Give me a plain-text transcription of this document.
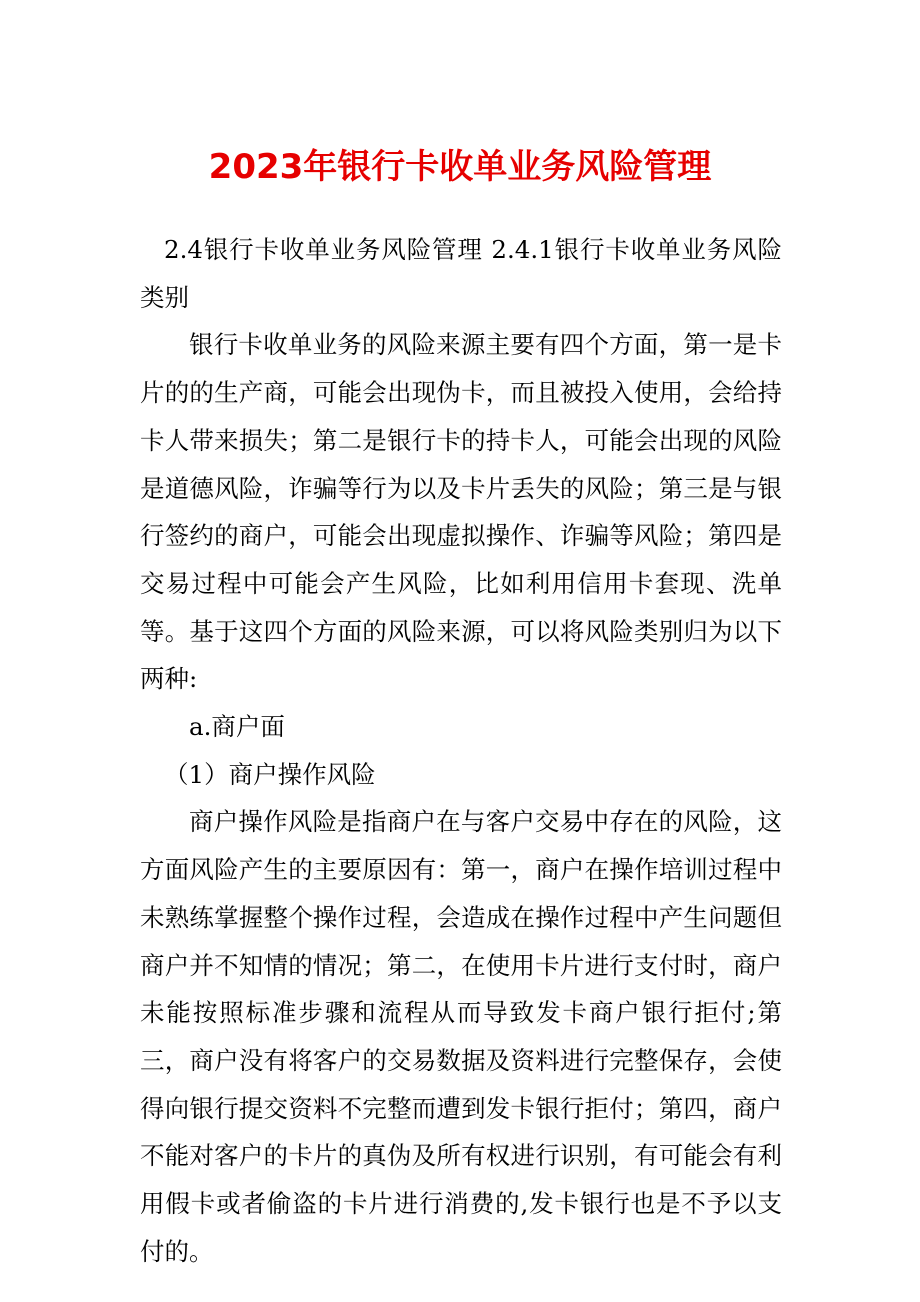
2023年银行卡收单业务风险管理

2.4银行卡收单业务风险管理 2.4.1银行卡收单业务风险类别

银行卡收单业务的风险来源主要有四个方面，第一是卡片的的生产商，可能会出现伪卡，而且被投入使用，会给持卡人带来损失；第二是银行卡的持卡人，可能会出现的风险是道德风险，诈骗等行为以及卡片丢失的风险；第三是与银行签约的商户，可能会出现虚拟操作、诈骗等风险；第四是交易过程中可能会产生风险，比如利用信用卡套现、洗单等。基于这四个方面的风险来源，可以将风险类别归为以下两种:

a.商户面

（1）商户操作风险

商户操作风险是指商户在与客户交易中存在的风险，这方面风险产生的主要原因有：第一，商户在操作培训过程中未熟练掌握整个操作过程，会造成在操作过程中产生问题但商户并不知情的情况；第二，在使用卡片进行支付时，商户未能按照标准步骤和流程从而导致发卡商户银行拒付;第三，商户没有将客户的交易数据及资料进行完整保存，会使得向银行提交资料不完整而遭到发卡银行拒付；第四，商户不能对客户的卡片的真伪及所有权进行识别，有可能会有利用假卡或者偷盗的卡片进行消费的,发卡银行也是不予以支付的。
